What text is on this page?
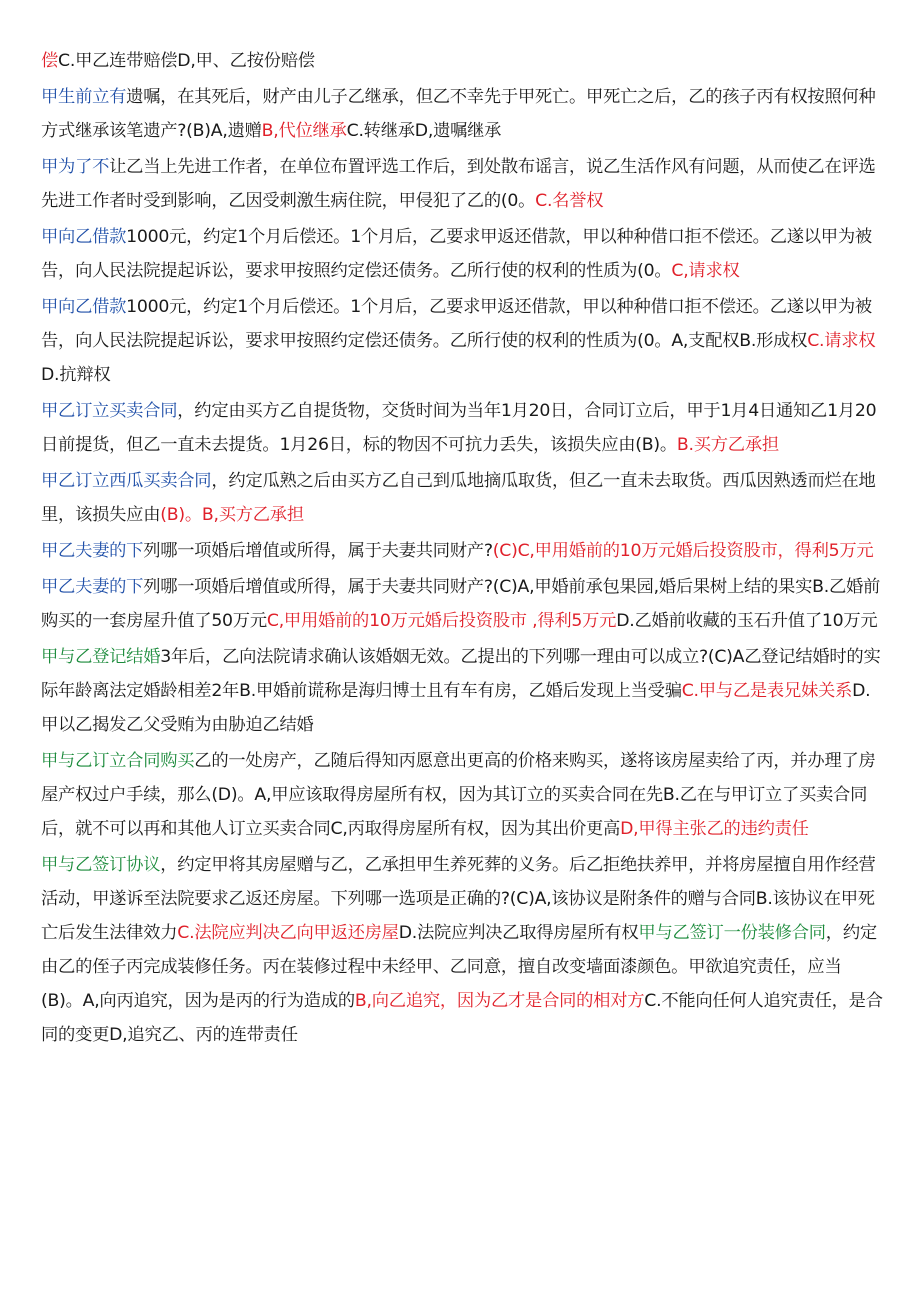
偿C.甲乙连带赔偿D,甲、乙按份赔偿

甲生前立有遗嘱，在其死后，财产由儿子乙继承，但乙不幸先于甲死亡。甲死亡之后，乙的孩子丙有权按照何种方式继承该笔遗产?(B)A,遗赠B,代位继承C.转继承D,遗嘱继承

甲为了不让乙当上先进工作者，在单位布置评选工作后，到处散布谣言，说乙生活作风有问题，从而使乙在评选先进工作者时受到影响，乙因受刺激生病住院，甲侵犯了乙的(0。C.名誉权

甲向乙借款1000元，约定1个月后偿还。1个月后，乙要求甲返还借款，甲以种种借口拒不偿还。乙遂以甲为被告，向人民法院提起诉讼，要求甲按照约定偿还债务。乙所行使的权利的性质为(0。C,请求权

甲向乙借款1000元，约定1个月后偿还。1个月后，乙要求甲返还借款，甲以种种借口拒不偿还。乙遂以甲为被告，向人民法院提起诉讼，要求甲按照约定偿还债务。乙所行使的权利的性质为(0。A,支配权B.形成权C.请求权D.抗辩权

甲乙订立买卖合同，约定由买方乙自提货物，交货时间为当年1月20日，合同订立后，甲于1月4日通知乙1月20日前提货，但乙一直未去提货。1月26日，标的物因不可抗力丢失，该损失应由(B)。B.买方乙承担

甲乙订立西瓜买卖合同，约定瓜熟之后由买方乙自己到瓜地摘瓜取货，但乙一直未去取货。西瓜因熟透而烂在地里，该损失应由(B)。B,买方乙承担

甲乙夫妻的下列哪一项婚后增值或所得，属于夫妻共同财产?(C)C,甲用婚前的10万元婚后投资股市，得利5万元

甲乙夫妻的下列哪一项婚后增值或所得，属于夫妻共同财产?(C)A,甲婚前承包果园,婚后果树上结的果实B.乙婚前购买的一套房屋升值了50万元C,甲用婚前的10万元婚后投资股市 ,得利5万元D.乙婚前收藏的玉石升值了10万元

甲与乙登记结婚3年后，乙向法院请求确认该婚姻无效。乙提出的下列哪一理由可以成立?(C)A乙登记结婚时的实际年龄离法定婚龄相差2年B.甲婚前谎称是海归博士且有车有房，乙婚后发现上当受骗C.甲与乙是表兄妹关系D.甲以乙揭发乙父受贿为由胁迫乙结婚

甲与乙订立合同购买乙的一处房产，乙随后得知丙愿意出更高的价格来购买，遂将该房屋卖给了丙，并办理了房屋产权过户手续，那么(D)。A,甲应该取得房屋所有权，因为其订立的买卖合同在先B.乙在与甲订立了买卖合同后，就不可以再和其他人订立买卖合同C,丙取得房屋所有权，因为其出价更高D,甲得主张乙的违约责任

甲与乙签订协议，约定甲将其房屋赠与乙，乙承担甲生养死葬的义务。后乙拒绝扶养甲，并将房屋擅自用作经营活动，甲遂诉至法院要求乙返还房屋。下列哪一选项是正确的?(C)A,该协议是附条件的赠与合同B.该协议在甲死亡后发生法律效力C.法院应判决乙向甲返还房屋D.法院应判决乙取得房屋所有权甲与乙签订一份装修合同，约定由乙的侄子丙完成装修任务。丙在装修过程中未经甲、乙同意，擅自改变墙面漆颜色。甲欲追究责任，应当(B)。A,向丙追究，因为是丙的行为造成的B,向乙追究，因为乙才是合同的相对方C.不能向任何人追究责任，是合同的变更D,追究乙、丙的连带责任
